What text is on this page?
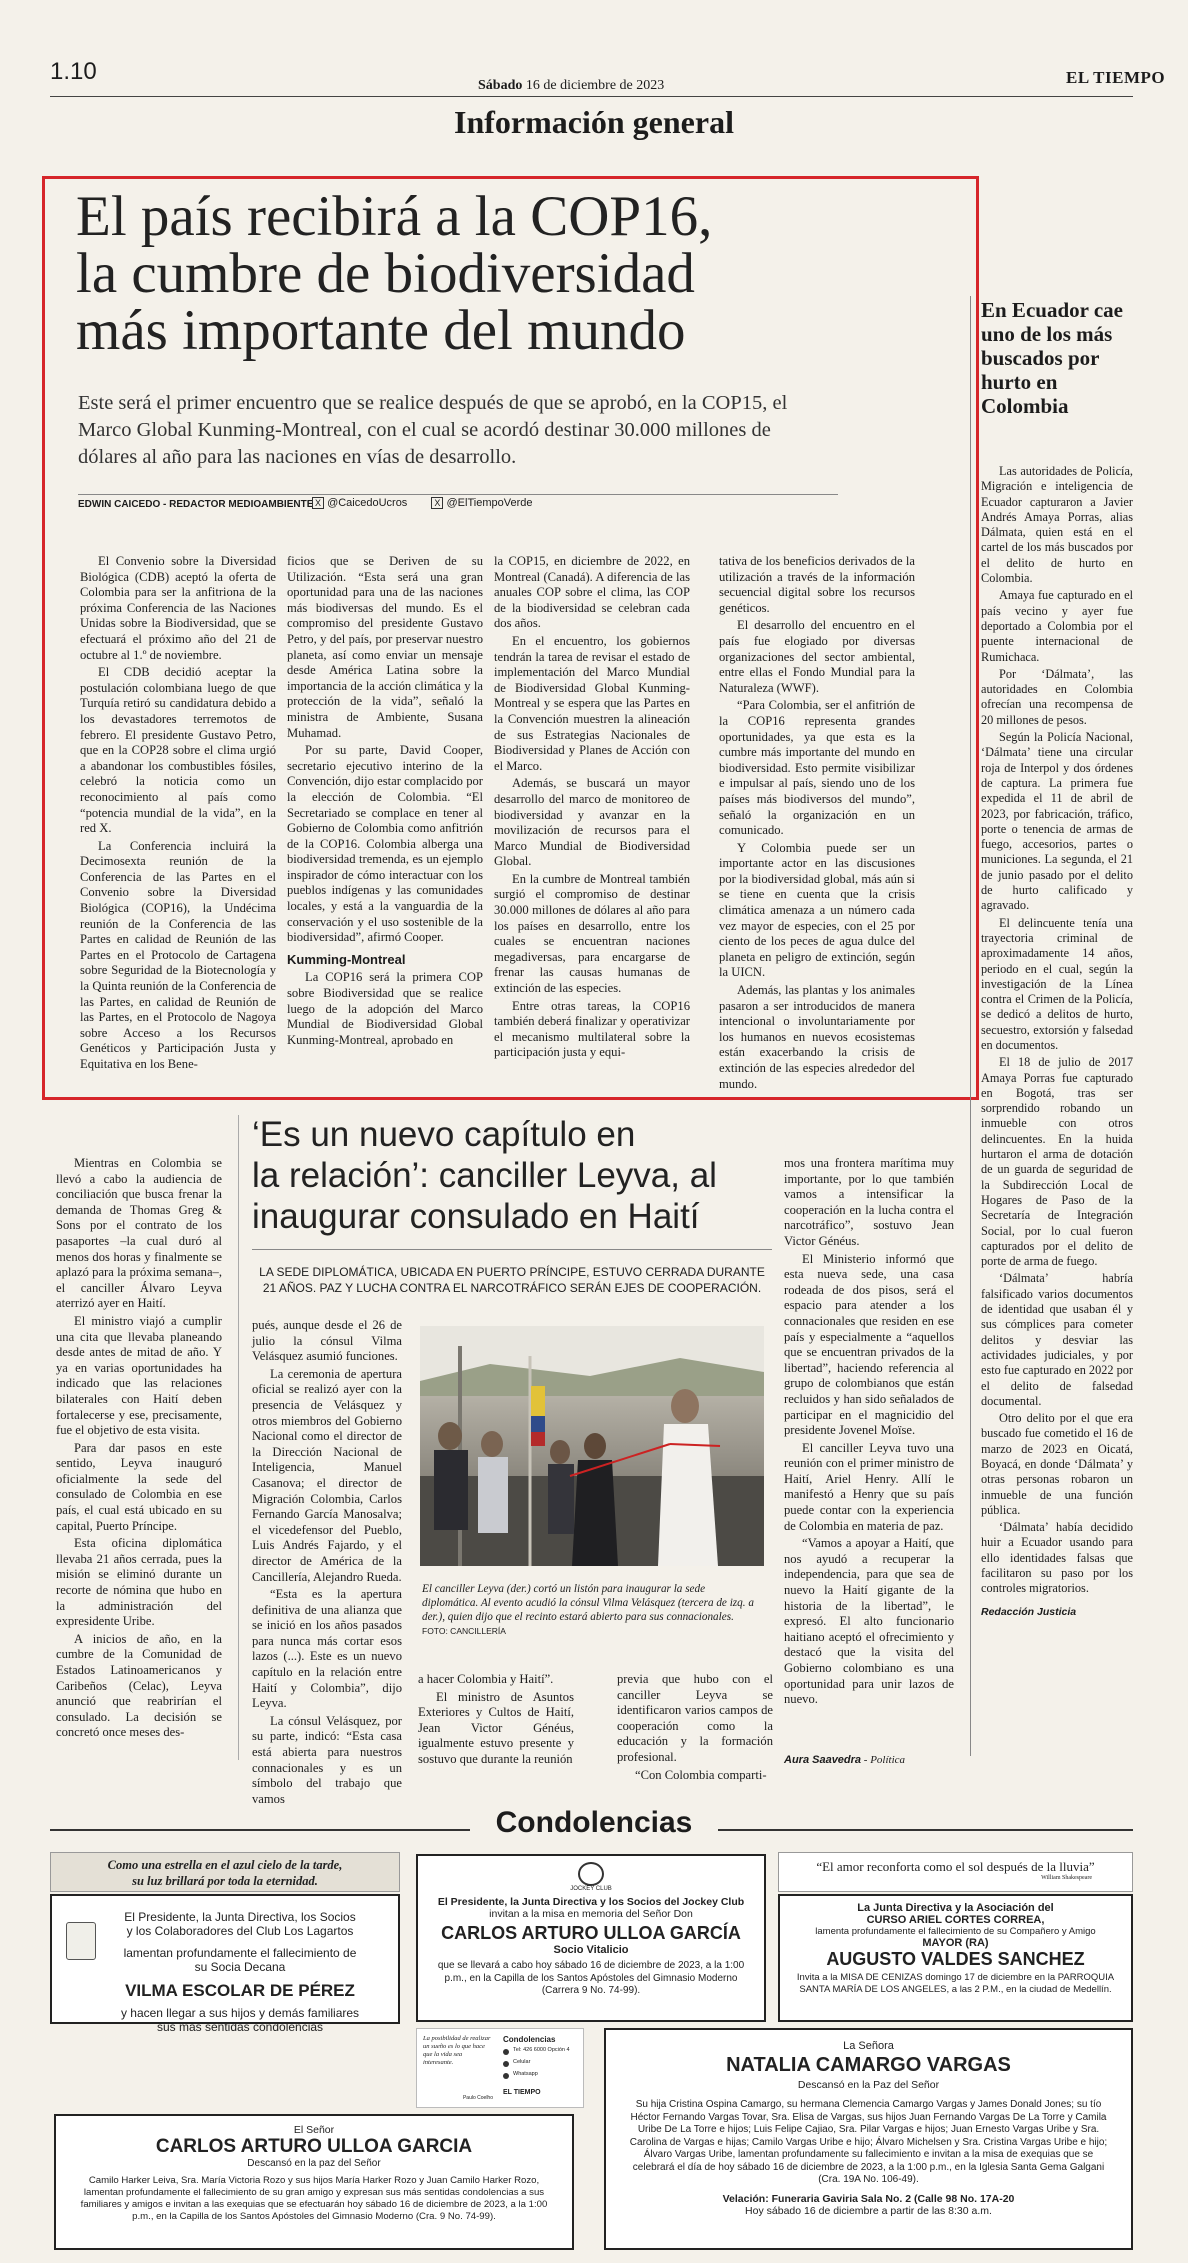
1.10
Sábado 16 de diciembre de 2023	EL TIEMPO
Información general
El país recibirá a la COP16,
la cumbre de biodiversidad
más importante del mundo
Este será el primer encuentro que se realice después de que se aprobó, en la COP15, el Marco Global Kunming-Montreal, con el cual se acordó destinar 30.000 millones de dólares al año para las naciones en vías de desarrollo.
EDWIN CAICEDO - REDACTOR MEDIOAMBIENTE X @CaicedoUcros	X @ElTiempoVerde

El Convenio sobre la Diversidad Biológica (CDB) aceptó la oferta de Colombia para ser la anfitriona de la próxima Conferencia de las Naciones Unidas sobre la Biodiversidad, que se efectuará el próximo año del 21 de octubre al 1.º de noviembre.

El CDB decidió aceptar la postulación colombiana luego de que Turquía retiró su candidatura debido a los devastadores terremotos de febrero. El presidente Gustavo Petro, que en la COP28 sobre el clima urgió a abandonar los combustibles fósiles, celebró la noticia como un reconocimiento al país como “potencia mundial de la vida”, en la red X.

La Conferencia incluirá la Decimosexta reunión de la Conferencia de las Partes en el Convenio sobre la Diversidad Biológica (COP16), la Undécima reunión de la Conferencia de las Partes en calidad de Reunión de las Partes en el Protocolo de Cartagena sobre Seguridad de la Biotecnología y la Quinta reunión de la Conferencia de las Partes, en calidad de Reunión de las Partes, en el Protocolo de Nagoya sobre Acceso a los Recursos Genéticos y Participación Justa y Equitativa en los Bene-

ficios que se Deriven de su Utilización. “Esta será una gran oportunidad para una de las naciones más biodiversas del mundo. Es el compromiso del presidente Gustavo Petro, y del país, por preservar nuestro planeta, así como enviar un mensaje desde América Latina sobre la importancia de la acción climática y la protección de la vida”, señaló la ministra de Ambiente, Susana Muhamad.

Por su parte, David Cooper, secretario ejecutivo interino de la Convención, dijo estar complacido por la elección de Colombia. “El Secretariado se complace en tener al Gobierno de Colombia como anfitrión de la COP16. Colombia alberga una biodiversidad tremenda, es un ejemplo inspirador de cómo interactuar con los pueblos indígenas y las comunidades locales, y está a la vanguardia de la conservación y el uso sostenible de la biodiversidad”, afirmó Cooper.

Kumming-Montreal

La COP16 será la primera COP sobre Biodiversidad que se realice luego de la adopción del Marco Mundial de Biodiversidad Global Kunming-Montreal, aprobado en

la COP15, en diciembre de 2022, en Montreal (Canadá). A diferencia de las anuales COP sobre el clima, las COP de la biodiversidad se celebran cada dos años.

En el encuentro, los gobiernos tendrán la tarea de revisar el estado de implementación del Marco Mundial de Biodiversidad Global Kunming-Montreal y se espera que las Partes en la Convención muestren la alineación de sus Estrategias Nacionales de Biodiversidad y Planes de Acción con el Marco.

Además, se buscará un mayor desarrollo del marco de monitoreo de biodiversidad y avanzar en la movilización de recursos para el Marco Mundial de Biodiversidad Global.

En la cumbre de Montreal también surgió el compromiso de destinar 30.000 millones de dólares al año para los países en desarrollo, entre los cuales se encuentran naciones megadiversas, para encargarse de frenar las causas humanas de extinción de las especies.

Entre otras tareas, la COP16 también deberá finalizar y operativizar el mecanismo multilateral sobre la participación justa y equi-

tativa de los beneficios derivados de la utilización a través de la información secuencial digital sobre los recursos genéticos.

El desarrollo del encuentro en el país fue elogiado por diversas organizaciones del sector ambiental, entre ellas el Fondo Mundial para la Naturaleza (WWF).

“Para Colombia, ser el anfitrión de la COP16 representa grandes oportunidades, ya que esta es la cumbre más importante del mundo en biodiversidad. Esto permite visibilizar e impulsar al país, siendo uno de los países más biodiversos del mundo”, señaló la organización en un comunicado.

Y Colombia puede ser un importante actor en las discusiones por la biodiversidad global, más aún si se tiene en cuenta que la crisis climática amenaza a un número cada vez mayor de especies, con el 25 por ciento de los peces de agua dulce del planeta en peligro de extinción, según la UICN.

Además, las plantas y los animales pasaron a ser introducidos de manera intencional o involuntariamente por los humanos en nuevos ecosistemas están exacerbando la crisis de extinción de las especies alrededor del mundo.

En Ecuador cae uno de los más buscados por hurto en Colombia

Las autoridades de Policía, Migración e inteligencia de Ecuador capturaron a Javier Andrés Amaya Porras, alias Dálmata, quien está en el cartel de los más buscados por el delito de hurto en Colombia.

Amaya fue capturado en el país vecino y ayer fue deportado a Colombia por el puente internacional de Rumichaca.

Por ‘Dálmata’, las autoridades en Colombia ofrecían una recompensa de 20 millones de pesos.

Según la Policía Nacional, ‘Dálmata’ tiene una circular roja de Interpol y dos órdenes de captura. La primera fue expedida el 11 de abril de 2023, por fabricación, tráfico, porte o tenencia de armas de fuego, accesorios, partes o municiones. La segunda, el 21 de junio pasado por el delito de hurto calificado y agravado.

El delincuente tenía una trayectoria criminal de aproximadamente 14 años, periodo en el cual, según la investigación de la Línea contra el Crimen de la Policía, se dedicó a delitos de hurto, secuestro, extorsión y falsedad en documentos.

El 18 de julio de 2017 Amaya Porras fue capturado en Bogotá, tras ser sorprendido robando un inmueble con otros delincuentes. En la huida hurtaron el arma de dotación de un guarda de seguridad de la Subdirección Local de Hogares de Paso de la Secretaría de Integración Social, por lo cual fueron capturados por el delito de porte de arma de fuego.

‘Dálmata’ habría falsificado varios documentos de identidad que usaban él y sus cómplices para cometer delitos y desviar las actividades judiciales, y por esto fue capturado en 2022 por el delito de falsedad documental.

Otro delito por el que era buscado fue cometido el 16 de marzo de 2023 en Oicatá, Boyacá, en donde ‘Dálmata’ y otras personas robaron un inmueble de una función pública.

‘Dálmata’ había decidido huir a Ecuador usando para ello identidades falsas que facilitaron su paso por los controles migratorios.

Redacción Justicia
‘Es un nuevo capítulo en
la relación’: canciller Leyva, al
inaugurar consulado en Haití
LA SEDE DIPLOMÁTICA, UBICADA EN PUERTO PRÍNCIPE, ESTUVO CERRADA DURANTE 21 AÑOS. PAZ Y LUCHA CONTRA EL NARCOTRÁFICO SERÁN EJES DE COOPERACIÓN.

Mientras en Colombia se llevó a cabo la audiencia de conciliación que busca frenar la demanda de Thomas Greg & Sons por el contrato de los pasaportes –la cual duró al menos dos horas y finalmente se aplazó para la próxima semana–, el canciller Álvaro Leyva aterrizó ayer en Haití.

El ministro viajó a cumplir una cita que llevaba planeando desde antes de mitad de año. Y ya en varias oportunidades ha indicado que las relaciones bilaterales con Haití deben fortalecerse y ese, precisamente, fue el objetivo de esta visita.

Para dar pasos en este sentido, Leyva inauguró oficialmente la sede del consulado de Colombia en ese país, el cual está ubicado en su capital, Puerto Príncipe.

Esta oficina diplomática llevaba 21 años cerrada, pues la misión se eliminó durante un recorte de nómina que hubo en la administración del expresidente Uribe.

A inicios de año, en la cumbre de la Comunidad de Estados Latinoamericanos y Caribeños (Celac), Leyva anunció que reabrirían el consulado. La decisión se concretó once meses des-

pués, aunque desde el 26 de julio la cónsul Vilma Velásquez asumió funciones.

La ceremonia de apertura oficial se realizó ayer con la presencia de Velásquez y otros miembros del Gobierno Nacional como el director de la Dirección Nacional de Inteligencia, Manuel Casanova; el director de Migración Colombia, Carlos Fernando García Manosalva; el vicedefensor del Pueblo, Luis Andrés Fajardo, y el director de América de la Cancillería, Alejandro Rueda.

“Esta es la apertura definitiva de una alianza que se inició en los años pasados para nunca más cortar esos lazos (...). Este es un nuevo capítulo en la relación entre Haití y Colombia”, dijo Leyva.

La cónsul Velásquez, por su parte, indicó: “Esta casa está abierta para nuestros connacionales y es un símbolo del trabajo que vamos

El canciller Leyva (der.) cortó un listón para inaugurar la sede diplomática. Al evento acudió la cónsul Vilma Velásquez (tercera de izq. a der.), quien dijo que el recinto estará abierto para sus connacionales. FOTO: CANCILLERÍA

a hacer Colombia y Haití”.

El ministro de Asuntos Exteriores y Cultos de Haití, Jean Victor Généus, igualmente estuvo presente y sostuvo que durante la reunión

previa que hubo con el canciller Leyva se identificaron varios campos de cooperación como la educación y la formación profesional.

“Con Colombia comparti-

mos una frontera marítima muy importante, por lo que también vamos a intensificar la cooperación en la lucha contra el narcotráfico”, sostuvo Jean Victor Généus.

El Ministerio informó que esta nueva sede, una casa rodeada de dos pisos, será el espacio para atender a los connacionales que residen en ese país y especialmente a “aquellos que se encuentran privados de la libertad”, haciendo referencia al grupo de colombianos que están recluidos y han sido señalados de participar en el magnicidio del presidente Jovenel Moïse.

El canciller Leyva tuvo una reunión con el primer ministro de Haití, Ariel Henry. Allí le manifestó a Henry que su país puede contar con la experiencia de Colombia en materia de paz.

“Vamos a apoyar a Haití, que nos ayudó a recuperar la independencia, para que sea de nuevo la Haití gigante de la historia de la libertad”, le expresó. El alto funcionario haitiano aceptó el ofrecimiento y destacó que la visita del Gobierno colombiano es una oportunidad para unir lazos de nuevo.

Aura Saavedra - Política
Condolencias
Como una estrella en el azul cielo de la tarde,
su luz brillará por toda la eternidad.
El Presidente, la Junta Directiva, los Socios
y los Colaboradores del Club Los Lagartos
lamentan profundamente el fallecimiento de
su Socia Decana
VILMA ESCOLAR DE PÉREZ
y hacen llegar a sus hijos y demás familiares
sus más sentidas condolencias
JOCKEY CLUB
El Presidente, la Junta Directiva y los Socios del Jockey Club
invitan a la misa en memoria del Señor Don
CARLOS ARTURO ULLOA GARCÍA
Socio Vitalicio
que se llevará a cabo hoy sábado 16 de diciembre de 2023, a la 1:00 p.m., en la Capilla de los Santos Apóstoles del Gimnasio Moderno (Carrera 9 No. 74-99).
“El amor reconforta como el sol después de la lluvia”
William Shakespeare
La Junta Directiva y la Asociación del
CURSO ARIEL CORTES CORREA,
lamenta profundamente el fallecimiento de su Compañero y Amigo
MAYOR (RA)
AUGUSTO VALDES SANCHEZ
Invita a la MISA DE CENIZAS domingo 17 de diciembre en la PARROQUIA SANTA MARÍA DE LOS ANGELES, a las 2 P.M., en la ciudad de Medellín.
La posibilidad de realizar un sueño es lo que hace que la vida sea interesante.
Paulo Coelho
Condolencias
Tel: 426 6000 Opción 4
Celular
Whatsapp
EL TIEMPO
La Señora
NATALIA CAMARGO VARGAS
Descansó en la Paz del Señor
Su hija Cristina Ospina Camargo, su hermana Clemencia Camargo Vargas y James Donald Jones; su tío Héctor Fernando Vargas Tovar, Sra. Elisa de Vargas, sus hijos Juan Fernando Vargas De La Torre y Camila Uribe De La Torre e hijos; Luis Felipe Cajiao, Sra. Pilar Vargas e hijos; Juan Ernesto Vargas Uribe y Sra. Carolina de Vargas e hijas; Camilo Vargas Uribe e hijo; Álvaro Michelsen y Sra. Cristina Vargas Uribe e hijo; Álvaro Vargas Uribe, lamentan profundamente su fallecimiento e invitan a la misa de exequias que se celebrará el día de hoy sábado 16 de diciembre de 2023, a la 1:00 p.m., en la Iglesia Santa Gema Galgani (Cra. 19A No. 106-49).
Velación: Funeraria Gaviria Sala No. 2 (Calle 98 No. 17A-20
Hoy sábado 16 de diciembre a partir de las 8:30 a.m.
El Señor
CARLOS ARTURO ULLOA GARCIA
Descansó en la paz del Señor
Camilo Harker Leiva, Sra. María Victoria Rozo y sus hijos María Harker Rozo y Juan Camilo Harker Rozo, lamentan profundamente el fallecimiento de su gran amigo y expresan sus más sentidas condolencias a sus familiares y amigos e invitan a las exequias que se efectuarán hoy sábado 16 de diciembre de 2023, a la 1:00 p.m., en la Capilla de los Santos Apóstoles del Gimnasio Moderno (Cra. 9 No. 74-99).
